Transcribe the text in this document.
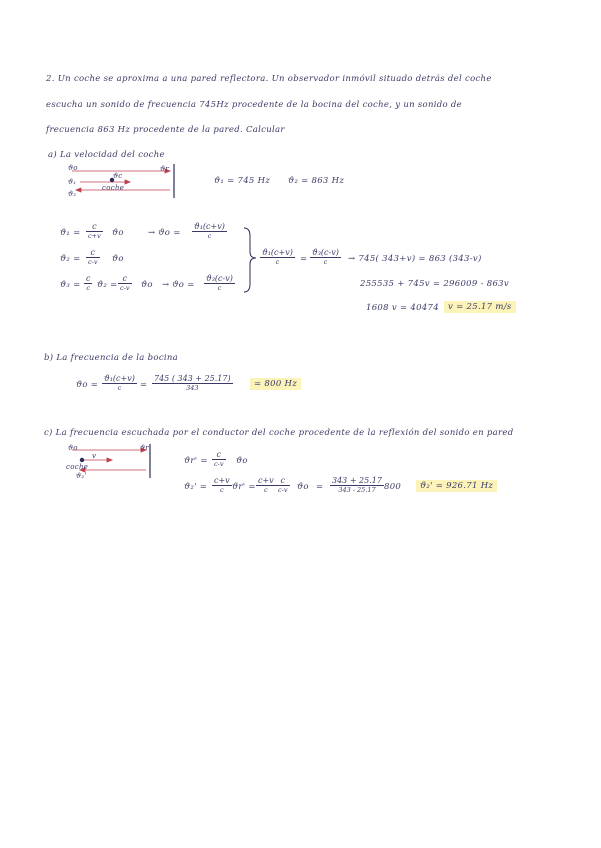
2. Un coche se aproxima a una pared reflectora. Un observador inmóvil situado detrás del coche
escucha un sonido de frecuencia 745Hz procedente de la bocina del coche, y un sonido de
frecuencia 863 Hz procedente de la pared. Calcular
a) La velocidad del coche
ϑo
ϑc
ϑ₁
coche
ϑr
ϑ₂
ϑ₁ = 745 Hz ϑ₂ = 863 Hz
ϑ₁ =
c
c+v ϑo	→ ϑo =
ϑ₁(c+v)
c
ϑ₂ =
c
c-v ϑo
ϑ₃ =
c
c ϑ₂ =
c
c-v ϑo → ϑo =
ϑ₃(c-v)
c
ϑ₁(c+v)
c	=
ϑ₃(c-v)
c	→ 745( 343+v) = 863 (343-v)
255535 + 745v = 296009 - 863v
1608 v = 40474	v = 25.17 m/s
b) La frecuencia de la bocina
ϑo =
ϑ₁(c+v)
c	=
745 ( 343 + 25.17)
343	= 800 Hz
c) La frecuencia escuchada por el conductor del coche procedente de la reflexión del sonido en pared
ϑo
v
ϑr'
coche
ϑ₂'
ϑr' =
c
c-v ϑo
ϑ₂' =
c+v
c ϑr' =
c+v
c
c
c-v ϑo =
343 + 25.17
343 - 25.17 800	ϑ₂' = 926.71 Hz
